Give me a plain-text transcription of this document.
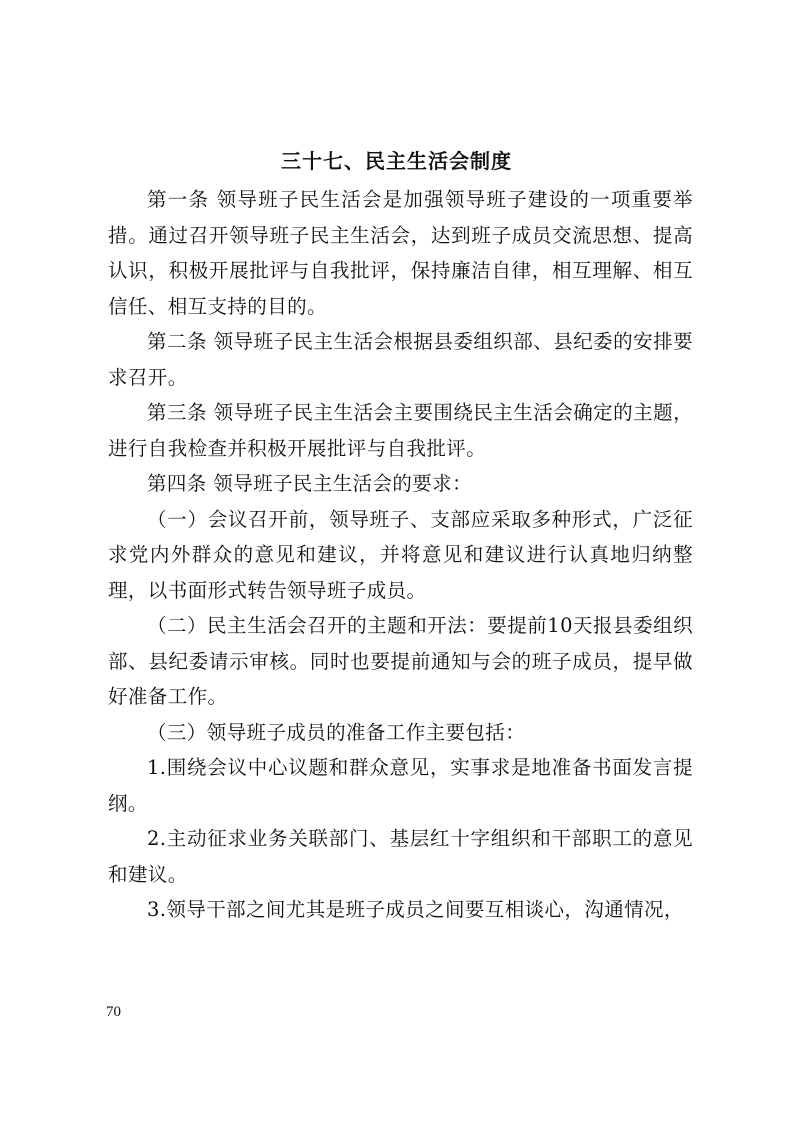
三十七、民主生活会制度

第一条 领导班子民生活会是加强领导班子建设的一项重要举措。通过召开领导班子民主生活会，达到班子成员交流思想、提高认识，积极开展批评与自我批评，保持廉洁自律，相互理解、相互信任、相互支持的目的。

第二条 领导班子民主生活会根据县委组织部、县纪委的安排要求召开。

第三条 领导班子民主生活会主要围绕民主生活会确定的主题，进行自我检查并积极开展批评与自我批评。

第四条 领导班子民主生活会的要求：

（一）会议召开前，领导班子、支部应采取多种形式，广泛征求党内外群众的意见和建议，并将意见和建议进行认真地归纳整理，以书面形式转告领导班子成员。

（二）民主生活会召开的主题和开法：要提前10天报县委组织部、县纪委请示审核。同时也要提前通知与会的班子成员，提早做好准备工作。

（三）领导班子成员的准备工作主要包括：

1.围绕会议中心议题和群众意见，实事求是地准备书面发言提纲。

2.主动征求业务关联部门、基层红十字组织和干部职工的意见和建议。

3.领导干部之间尤其是班子成员之间要互相谈心，沟通情况，

70
